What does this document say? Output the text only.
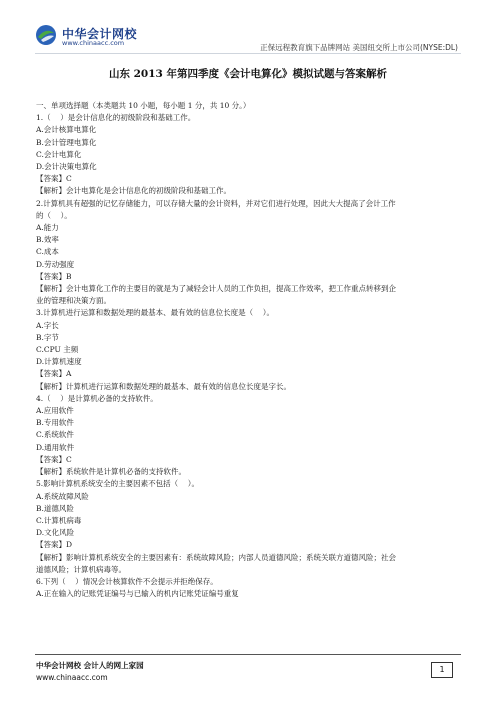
中华会计网校
www.chinaacc.com	正保远程教育旗下品牌网站 美国纽交所上市公司(NYSE:DL)
山东 2013 年第四季度《会计电算化》模拟试题与答案解析
一、单项选择题（本类题共 10 小题，每小题 1 分，共 10 分。）
1.（    ）是会计信息化的初级阶段和基础工作。
A.会计核算电算化
B.会计管理电算化
C.会计电算化
D.会计决策电算化
【答案】C
【解析】会计电算化是会计信息化的初级阶段和基础工作。
2.计算机具有超强的记忆存储能力，可以存储大量的会计资料，并对它们进行处理，因此大大提高了会计工作
的（    ）。
A.能力
B.效率
C.成本
D.劳动强度
【答案】B
【解析】会计电算化工作的主要目的就是为了减轻会计人员的工作负担，提高工作效率，把工作重点转移到企
业的管理和决策方面。
3.计算机进行运算和数据处理的最基本、最有效的信息位长度是（    ）。
A.字长
B.字节
C.CPU 主频
D.计算机速度
【答案】A
【解析】计算机进行运算和数据处理的最基本、最有效的信息位长度是字长。
4.（    ）是计算机必备的支持软件。
A.应用软件
B.专用软件
C.系统软件
D.通用软件
【答案】C
【解析】系统软件是计算机必备的支持软件。
5.影响计算机系统安全的主要因素不包括（    ）。
A.系统故障风险
B.道德风险
C.计算机病毒
D.文化风险
【答案】D
【解析】影响计算机系统安全的主要因素有：系统故障风险；内部人员道德风险；系统关联方道德风险；社会
道德风险；计算机病毒等。
6.下列（    ）情况会计核算软件不会提示并拒绝保存。
A.正在输入的记账凭证编号与已输入的机内记账凭证编号重复
中华会计网校 会计人的网上家园
www.chinaacc.com
1
